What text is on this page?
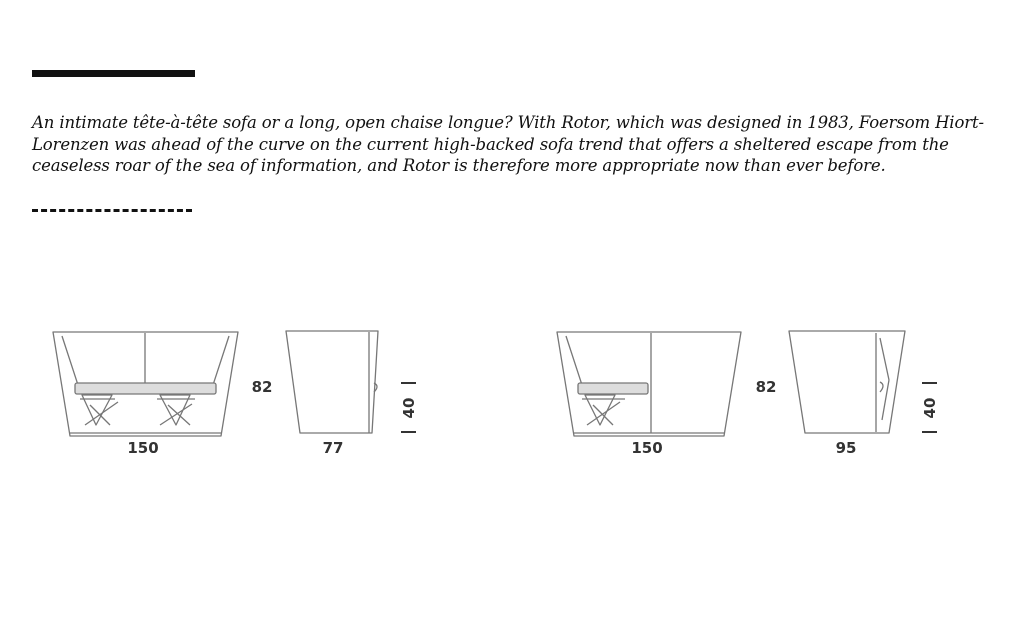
An intimate tête-à-tête sofa or a long, open chaise longue? With Rotor, which was designed in 1983, Foersom Hiort-Lorenzen was ahead of the curve on the current high-backed sofa trend that offers a sheltered escape from the ceaseless roar of the sea of information, and Rotor is therefore more appropriate now than ever before.

150
82
77
40
150
82
95
40
